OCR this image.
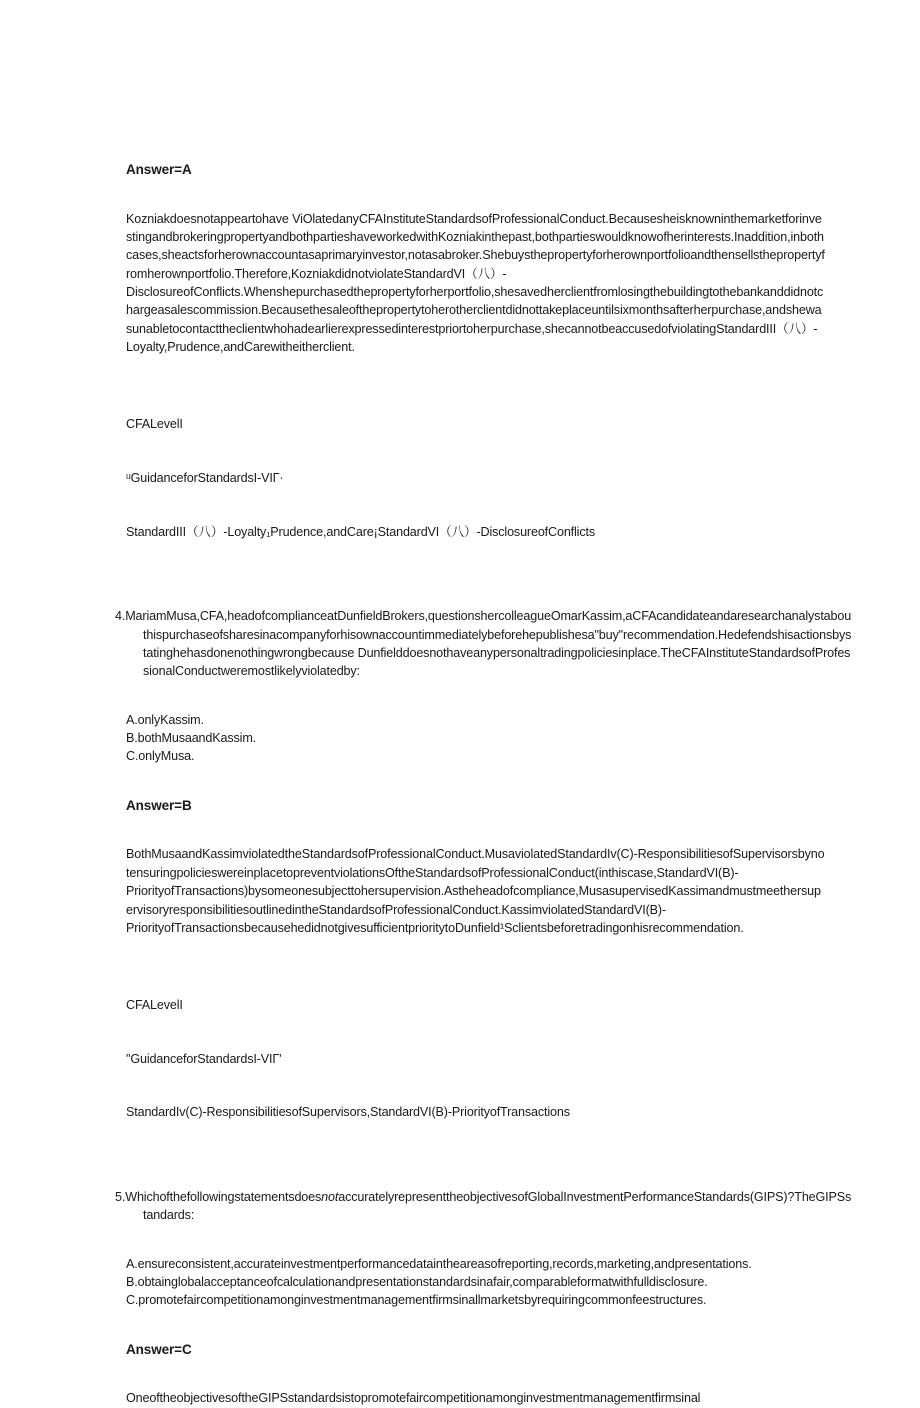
Answer=A
Kozniakdoesnotappeartohave ViOlatedanyCFAInstituteStandardsofProfessionalConduct.BecausesheisknowninthemarketforinvestingandbrokeringpropertyandbothpartieshaveworkedwithKozniakinthepast,bothpartieswouldknowofherinterests.Inaddition,inbothcases,sheactsforherownaccountasaprimaryinvestor,notasabroker.Shebuysthepropertyforherownportfolioandthensellsthepropertyfromherownportfolio.Therefore,KozniakdidnotviolateStandardVI（八）-
DisclosureofConflicts.Whenshepurchasedthepropertyforherportfolio,shesavedherclientfromlosingthebuildingtothebankanddidnotchargeasalescommission.Becausethesaleofthepropertytoherotherclientdidnottakeplaceuntilsixmonthsafterherpurchase,andshewasunabletocontacttheclientwhohadearlierexpressedinterestpriortoherpurchase,shecannotbeaccusedofviolatingStandardIII（八）-
Loyalty,Prudence,andCarewitheitherclient.

CFALevelI

ᵘGuidanceforStandardsI-VIΓ·

StandardIII（八）-Loyalty₁Prudence,andCare¡StandardVI（八）-DisclosureofConflicts

4.MariamMusa,CFA,headofcomplianceatDunfieldBrokers,questionshercolleagueOmarKassim,aCFAcandidateandaresearchanalystabouthispurchaseofsharesinacompanyforhisownaccountimmediatelybeforehepublishesa"buy"recommendation.Hedefendshisactionsbystatinghehasdonenothingwrongbecause Dunfielddoesnothaveanypersonaltradingpoliciesinplace.TheCFAInstituteStandardsofProfessionalConductweremostlikelyviolatedby:
A.onlyKassim.
B.bothMusaandKassim.
C.onlyMusa.
Answer=B
BothMusaandKassimviolatedtheStandardsofProfessionalConduct.MusaviolatedStandardIv(C)-ResponsibilitiesofSupervisorsbynotensuringpolicieswereinplacetopreventviolationsOftheStandardsofProfessionalConduct(inthiscase,StandardVI(B)-
PriorityofTransactions)bysomeonesubjecttohersupervision.Astheheadofcompliance,MusasupervisedKassimandmustmeethersupervisoryresponsibilitiesoutlinedintheStandardsofProfessionalConduct.KassimviolatedStandardVI(B)-
PriorityofTransactionsbecausehedidnotgivesufficientprioritytoDunfield¹Sclientsbeforetradingonhisrecommendation.

CFALevelI

"GuidanceforStandardsI-VIΓ'

StandardIv(C)-ResponsibilitiesofSupervisors,StandardVI(B)-PriorityofTransactions

5.WhichofthefollowingstatementsdoesnotaccuratelyrepresenttheobjectivesofGlobalInvestmentPerformanceStandards(GIPS)?TheGIPSstandards:
A.ensureconsistent,accurateinvestmentperformancedataintheareasofreporting,records,marketing,andpresentations.
B.obtainglobalacceptanceofcalculationandpresentationstandardsinafair,comparableformatwithfulldisclosure.
C.promotefaircompetitionamonginvestmentmanagementfirmsinallmarketsbyrequiringcommonfeestructures.
Answer=C
OneoftheobjectivesoftheGIPSstandardsistopromotefaircompetitionamonginvestmentmanagementfirmsinal
